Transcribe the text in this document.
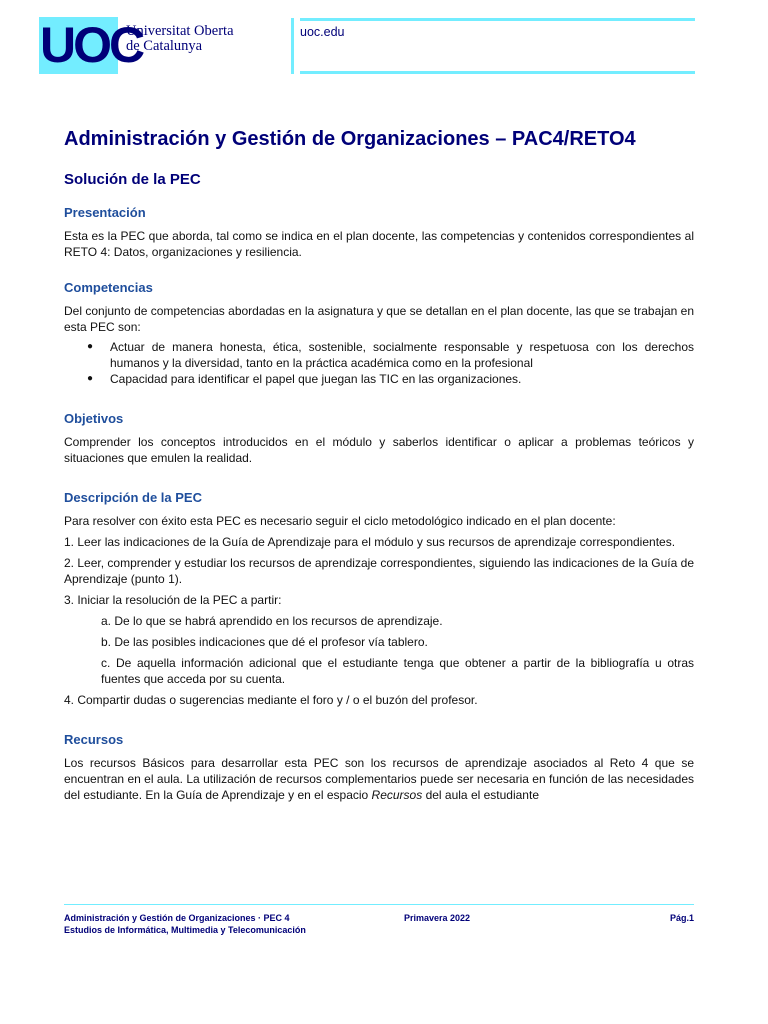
UOC
Universitat Oberta
de Catalunya
uoc.edu
Administración y Gestión de Organizaciones – PAC4/RETO4
Solución de la PEC
Presentación

Esta es la PEC que aborda, tal como se indica en el plan docente, las competencias y contenidos correspondientes al RETO 4: Datos, organizaciones y resiliencia.

Competencias

Del conjunto de competencias abordadas en la asignatura y que se detallan en el plan docente, las que se trabajan en esta PEC son:

● Actuar de manera honesta, ética, sostenible, socialmente responsable y respetuosa con los derechos humanos y la diversidad, tanto en la práctica académica como en la profesional
● Capacidad para identificar el papel que juegan las TIC en las organizaciones.
Objetivos

Comprender los conceptos introducidos en el módulo y saberlos identificar o aplicar a problemas teóricos y situaciones que emulen la realidad.

Descripción de la PEC

Para resolver con éxito esta PEC es necesario seguir el ciclo metodológico indicado en el plan docente:

1. Leer las indicaciones de la Guía de Aprendizaje para el módulo y sus recursos de aprendizaje correspondientes.

2. Leer, comprender y estudiar los recursos de aprendizaje correspondientes, siguiendo las indicaciones de la Guía de Aprendizaje (punto 1).

3. Iniciar la resolución de la PEC a partir:

a. De lo que se habrá aprendido en los recursos de aprendizaje.

b. De las posibles indicaciones que dé el profesor vía tablero.

c. De aquella información adicional que el estudiante tenga que obtener a partir de la bibliografía u otras fuentes que acceda por su cuenta.

4. Compartir dudas o sugerencias mediante el foro y / o el buzón del profesor.

Recursos

Los recursos Básicos para desarrollar esta PEC son los recursos de aprendizaje asociados al Reto 4 que se encuentran en el aula. La utilización de recursos complementarios puede ser necesaria en función de las necesidades del estudiante. En la Guía de Aprendizaje y en el espacio Recursos del aula el estudiante

Administración y Gestión de Organizaciones · PEC 4
Estudios de Informática, Multimedia y Telecomunicación
Primavera 2022	Pág.1
